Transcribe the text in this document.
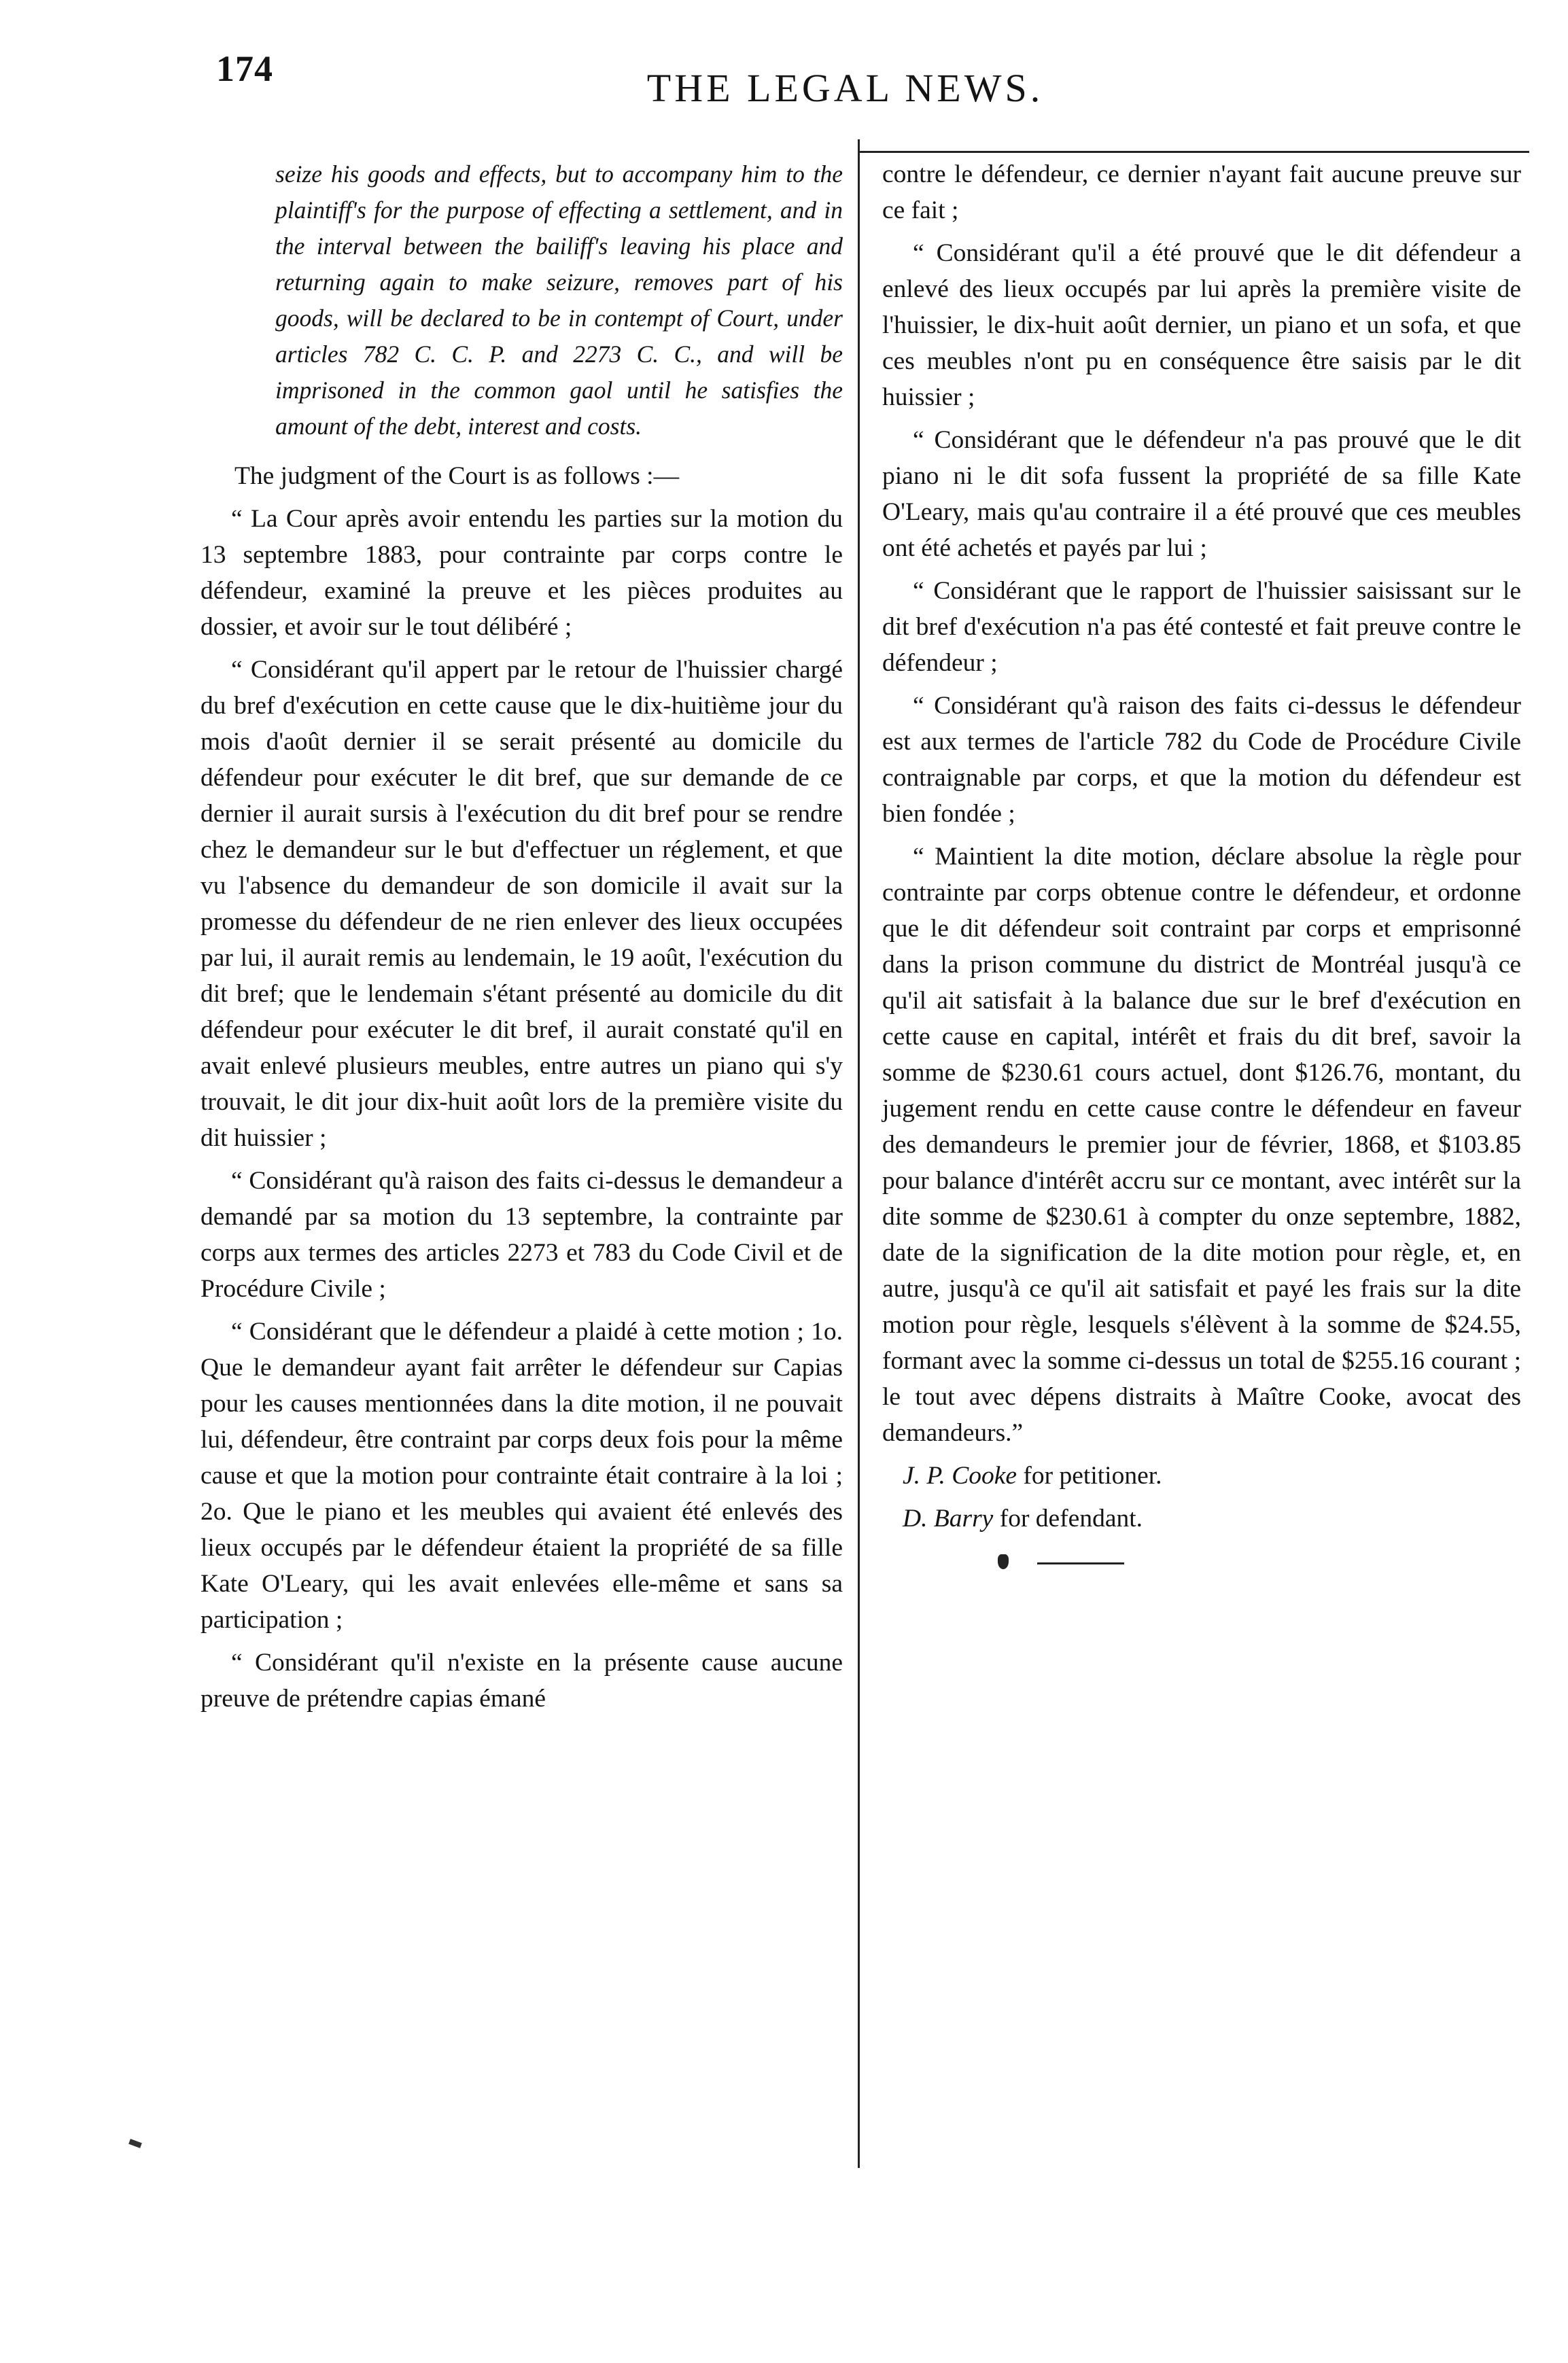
174	THE LEGAL NEWS.
seize his goods and effects, but to accompany him to the plaintiff's for the purpose of effecting a settlement, and in the interval between the bailiff's leaving his place and returning again to make seizure, removes part of his goods, will be declared to be in contempt of Court, under articles 782 C. C. P. and 2273 C. C., and will be imprisoned in the common gaol until he satisfies the amount of the debt, interest and costs.

The judgment of the Court is as follows :—

“ La Cour après avoir entendu les parties sur la motion du 13 septembre 1883, pour contrainte par corps contre le défendeur, examiné la preuve et les pièces produites au dossier, et avoir sur le tout délibéré ;

“ Considérant qu'il appert par le retour de l'huissier chargé du bref d'exécution en cette cause que le dix-huitième jour du mois d'août dernier il se serait présenté au domicile du défendeur pour exécuter le dit bref, que sur demande de ce dernier il aurait sursis à l'exécution du dit bref pour se rendre chez le demandeur sur le but d'effectuer un réglement, et que vu l'absence du demandeur de son domicile il avait sur la promesse du défendeur de ne rien enlever des lieux occupées par lui, il aurait remis au lendemain, le 19 août, l'exécution du dit bref; que le lendemain s'étant présenté au domicile du dit défendeur pour exécuter le dit bref, il aurait constaté qu'il en avait enlevé plusieurs meubles, entre autres un piano qui s'y trouvait, le dit jour dix-huit août lors de la première visite du dit huissier ;

“ Considérant qu'à raison des faits ci-dessus le demandeur a demandé par sa motion du 13 septembre, la contrainte par corps aux termes des articles 2273 et 783 du Code Civil et de Procédure Civile ;

“ Considérant que le défendeur a plaidé à cette motion ; 1o. Que le demandeur ayant fait arrêter le défendeur sur Capias pour les causes mentionnées dans la dite motion, il ne pouvait lui, défendeur, être contraint par corps deux fois pour la même cause et que la motion pour contrainte était contraire à la loi ; 2o. Que le piano et les meubles qui avaient été enlevés des lieux occupés par le défendeur étaient la propriété de sa fille Kate O'Leary, qui les avait enlevées elle-même et sans sa participation ;

“ Considérant qu'il n'existe en la présente cause aucune preuve de prétendre capias émané

contre le défendeur, ce dernier n'ayant fait aucune preuve sur ce fait ;

“ Considérant qu'il a été prouvé que le dit défendeur a enlevé des lieux occupés par lui après la première visite de l'huissier, le dix-huit août dernier, un piano et un sofa, et que ces meubles n'ont pu en conséquence être saisis par le dit huissier ;

“ Considérant que le défendeur n'a pas prouvé que le dit piano ni le dit sofa fussent la propriété de sa fille Kate O'Leary, mais qu'au contraire il a été prouvé que ces meubles ont été achetés et payés par lui ;

“ Considérant que le rapport de l'huissier saisissant sur le dit bref d'exécution n'a pas été contesté et fait preuve contre le défendeur ;

“ Considérant qu'à raison des faits ci-dessus le défendeur est aux termes de l'article 782 du Code de Procédure Civile contraignable par corps, et que la motion du défendeur est bien fondée ;

“ Maintient la dite motion, déclare absolue la règle pour contrainte par corps obtenue contre le défendeur, et ordonne que le dit défendeur soit contraint par corps et emprisonné dans la prison commune du district de Montréal jusqu'à ce qu'il ait satisfait à la balance due sur le bref d'exécution en cette cause en capital, intérêt et frais du dit bref, savoir la somme de $230.61 cours actuel, dont $126.76, montant, du jugement rendu en cette cause contre le défendeur en faveur des demandeurs le premier jour de février, 1868, et $103.85 pour balance d'intérêt accru sur ce montant, avec intérêt sur la dite somme de $230.61 à compter du onze septembre, 1882, date de la signification de la dite motion pour règle, et, en autre, jusqu'à ce qu'il ait satisfait et payé les frais sur la dite motion pour règle, lesquels s'élèvent à la somme de $24.55, formant avec la somme ci-dessus un total de $255.16 courant ; le tout avec dépens distraits à Maître Cooke, avocat des demandeurs.”

J. P. Cooke for petitioner.
D. Barry for defendant.
